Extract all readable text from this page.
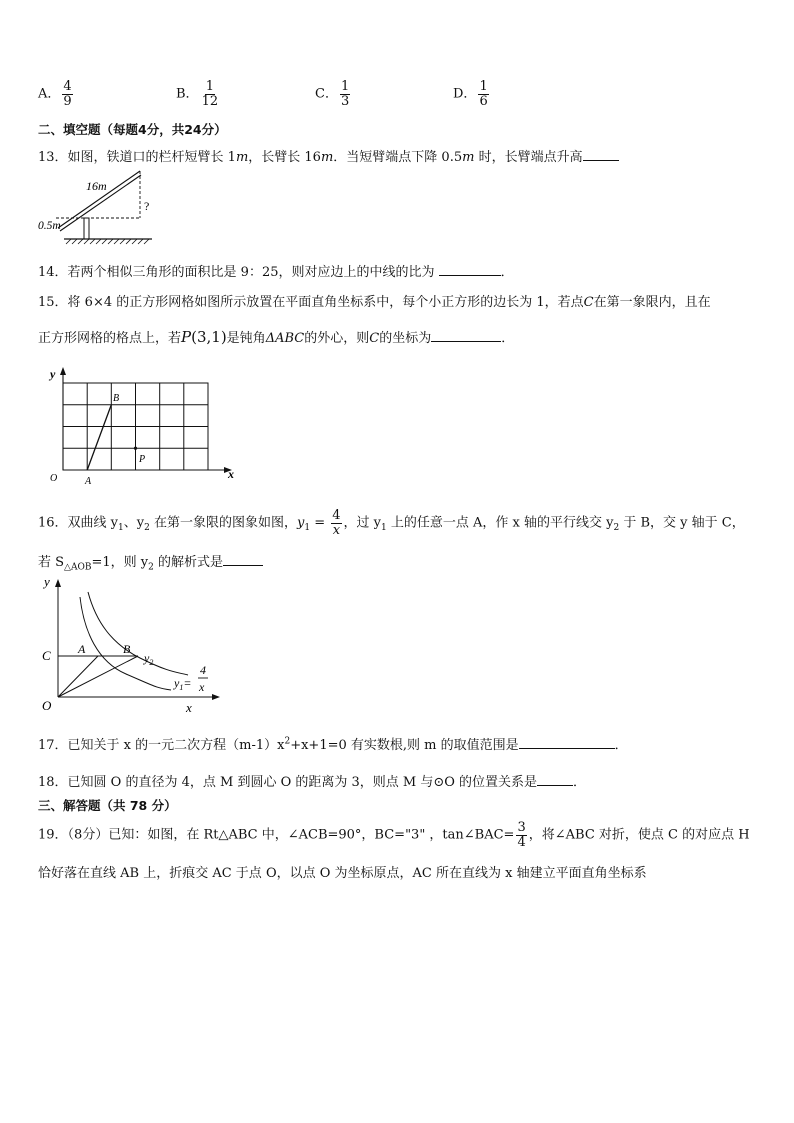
A． $\frac{4}{9}$	B． $\frac{1}{12}$	C． $\frac{1}{3}$	D． $\frac{1}{6}$
二、填空题（每题4分，共24分）
13．如图，铁道口的栏杆短臂长 1m，长臂长 16m．当短臂端点下降 0.5m 时，长臂端点升高
16m
0.5m
?
14．若两个相似三角形的面积比是 9：25，则对应边上的中线的比为	．
15．将 6×4 的正方形网格如图所示放置在平面直角坐标系中，每个小正方形的边长为 1，若点C在第一象限内，且在
正方形网格的格点上，若P(3,1)是钝角ΔABC的外心，则C的坐标为	．
y
x
O	A
B
P
16．双曲线 $y_1$、$y_2$ 在第一象限的图象如图，$y_1 = \frac{4}{x}$ ，过 $y_1$ 上的任意一点 A，作 x 轴的平行线交 $y_2$ 于 B，交 y 轴于 C，
若 $S_{\triangle AOB}=1$，则 $y_2$ 的解析式是
y
x
O
C A	B
$y_2$
$y_1=$
4
x
17．已知关于 x 的一元二次方程$(m-1)x^2+x+1=0$ 有实数根,则 m 的取值范围是	．
18．已知圆 O 的直径为 4，点 M 到圆心 O 的距离为 3，则点 M 与⊙O 的位置关系是	．
三、解答题（共 78 分）
19．（8分）已知：如图，在 Rt△ABC 中，∠ACB=90°，BC="3" ，tan∠BAC= $\frac{3}{4}$ ，将∠ABC 对折，使点 C 的对应点 H
恰好落在直线 AB 上，折痕交 AC 于点 O，以点 O 为坐标原点，AC 所在直线为 x 轴建立平面直角坐标系
